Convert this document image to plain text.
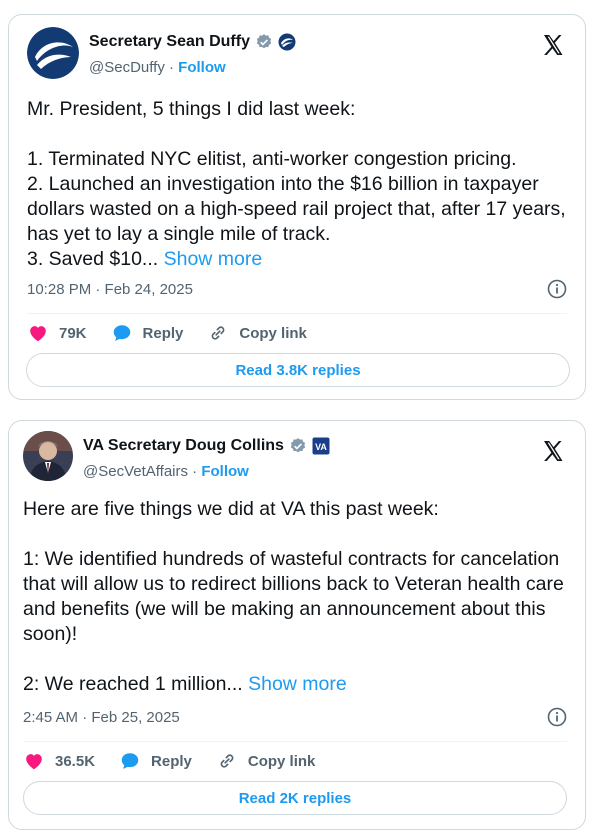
Secretary Sean Duffy
@SecDuffy · Follow
Mr. President, 5 things I did last week:

1. Terminated NYC elitist, anti-worker congestion pricing.
2. Launched an investigation into the $16 billion in taxpayer dollars wasted on a high-speed rail project that, after 17 years, has yet to lay a single mile of track.
3. Saved $10... Show more
10:28 PM · Feb 24, 2025
79K	Reply	Copy link
Read 3.8K replies
VA Secretary Doug Collins	VA
@SecVetAffairs · Follow
Here are five things we did at VA this past week:

1: We identified hundreds of wasteful contracts for cancelation that will allow us to redirect billions back to Veteran health care and benefits (we will be making an announcement about this soon)!

2: We reached 1 million... Show more
2:45 AM · Feb 25, 2025
36.5K	Reply	Copy link
Read 2K replies
